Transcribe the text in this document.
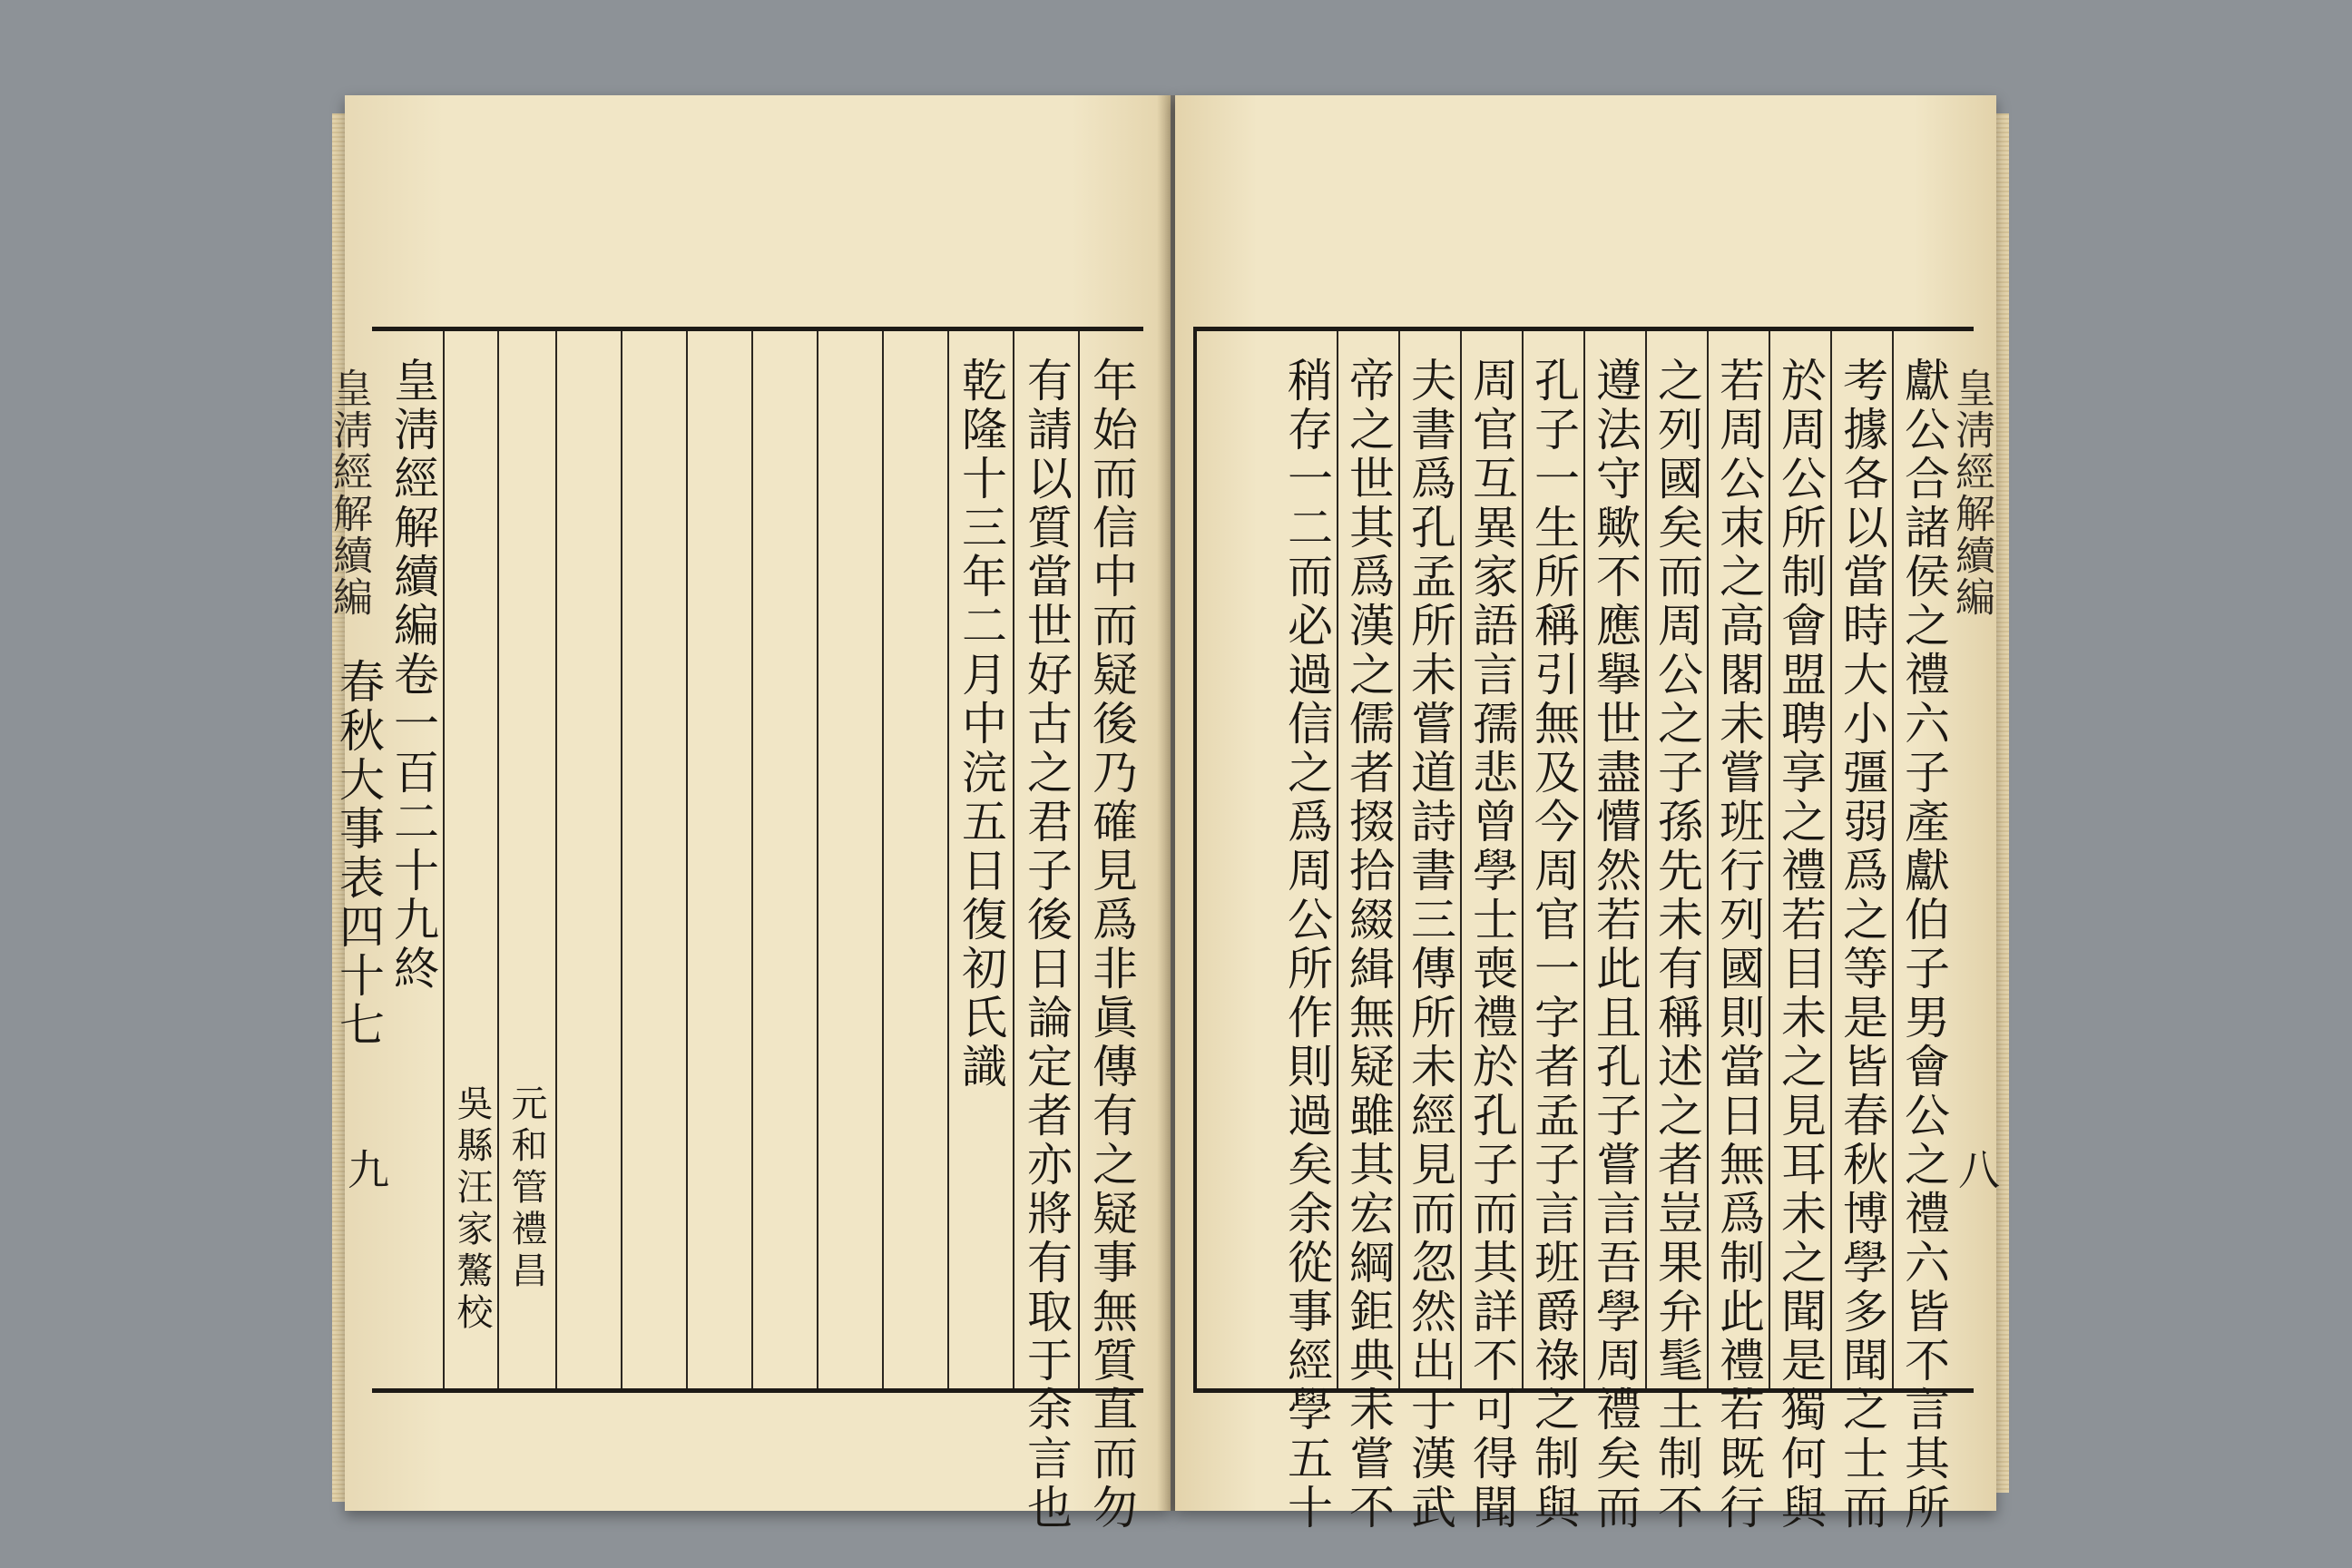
年始而信中而疑後乃確見爲非眞傳有之疑事無質直而勿
有請以質當世好古之君子後日論定者亦將有取于余言也
乾隆十三年二月中浣五日復初氏識
元和管禮昌
吳縣汪家驁校
皇淸經解續編卷一百二十九終
春秋大事表四十七
皇淸經解續編
九	獻公合諸侯之禮六子產獻伯子男會公之禮六皆不言其所
考據各以當時大小彊弱爲之等是皆春秋博學多聞之士而
於周公所制會盟聘享之禮若目未之見耳未之聞是獨何與
若周公朿之高閣未嘗班行列國則當日無爲制此禮若既行
之列國矣而周公之子孫先未有稱述之者豈果弁髦王制不
遵法守歟不應擧世盡懵然若此且孔子嘗言吾學周禮矣而
孔子一生所稱引無及今周官一字者孟子言班爵祿之制與
周官互異家語言孺悲曾學士喪禮於孔子而其詳不可得聞
夫書爲孔孟所未嘗道詩書三傳所未經見而忽然出于漢武
帝之世其爲漢之儒者掇拾綴緝無疑雖其宏綱鉅典未嘗不
稍存一二而必過信之爲周公所作則過矣余從事經學五十	皇淸經解續編
八
